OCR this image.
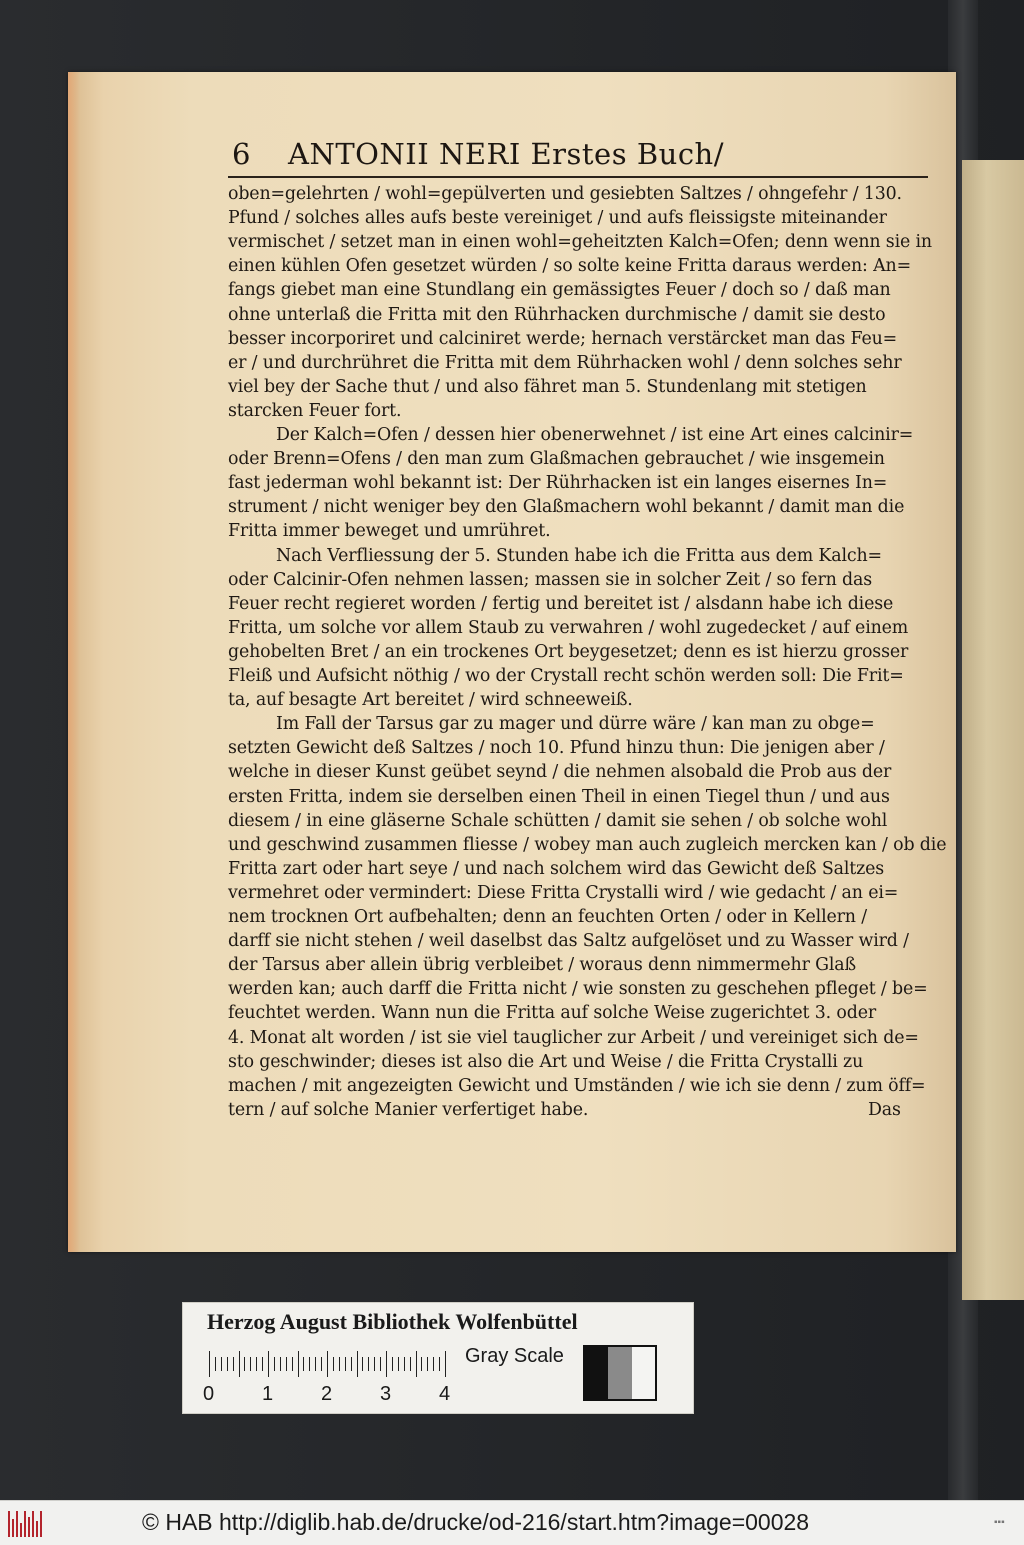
6 ANTONII NERI Erstes Buch/
oben=gelehrten / wohl=gepülverten und gesiebten Saltzes / ohngefehr / 130.
Pfund / solches alles aufs beste vereiniget / und aufs fleissigste miteinander
vermischet / setzet man in einen wohl=geheitzten Kalch=Ofen; denn wenn sie in
einen kühlen Ofen gesetzet würden / so solte keine Fritta daraus werden: An=
fangs giebet man eine Stundlang ein gemässigtes Feuer / doch so / daß man
ohne unterlaß die Fritta mit den Rührhacken durchmische / damit sie desto
besser incorporiret und calciniret werde; hernach verstärcket man das Feu=
er / und durchrühret die Fritta mit dem Rührhacken wohl / denn solches sehr
viel bey der Sache thut / und also fähret man 5. Stundenlang mit stetigen
starcken Feuer fort.
Der Kalch=Ofen / dessen hier obenerwehnet / ist eine Art eines calcinir=
oder Brenn=Ofens / den man zum Glaßmachen gebrauchet / wie insgemein
fast jederman wohl bekannt ist: Der Rührhacken ist ein langes eisernes In=
strument / nicht weniger bey den Glaßmachern wohl bekannt / damit man die
Fritta immer beweget und umrühret.
Nach Verfliessung der 5. Stunden habe ich die Fritta aus dem Kalch=
oder Calcinir-Ofen nehmen lassen; massen sie in solcher Zeit / so fern das
Feuer recht regieret worden / fertig und bereitet ist / alsdann habe ich diese
Fritta, um solche vor allem Staub zu verwahren / wohl zugedecket / auf einem
gehobelten Bret / an ein trockenes Ort beygesetzet; denn es ist hierzu grosser
Fleiß und Aufsicht nöthig / wo der Crystall recht schön werden soll: Die Frit=
ta, auf besagte Art bereitet / wird schneeweiß.
Im Fall der Tarsus gar zu mager und dürre wäre / kan man zu obge=
setzten Gewicht deß Saltzes / noch 10. Pfund hinzu thun: Die jenigen aber /
welche in dieser Kunst geübet seynd / die nehmen alsobald die Prob aus der
ersten Fritta, indem sie derselben einen Theil in einen Tiegel thun / und aus
diesem / in eine gläserne Schale schütten / damit sie sehen / ob solche wohl
und geschwind zusammen fliesse / wobey man auch zugleich mercken kan / ob die
Fritta zart oder hart seye / und nach solchem wird das Gewicht deß Saltzes
vermehret oder vermindert: Diese Fritta Crystalli wird / wie gedacht / an ei=
nem trocknen Ort aufbehalten; denn an feuchten Orten / oder in Kellern /
darff sie nicht stehen / weil daselbst das Saltz aufgelöset und zu Wasser wird /
der Tarsus aber allein übrig verbleibet / woraus denn nimmermehr Glaß
werden kan; auch darff die Fritta nicht / wie sonsten zu geschehen pfleget / be=
feuchtet werden. Wann nun die Fritta auf solche Weise zugerichtet 3. oder
4. Monat alt worden / ist sie viel tauglicher zur Arbeit / und vereiniget sich de=
sto geschwinder; dieses ist also die Art und Weise / die Fritta Crystalli zu
machen / mit angezeigten Gewicht und Umständen / wie ich sie denn / zum öff=
tern / auf solche Manier verfertiget habe.	Das
Herzog August Bibliothek Wolfenbüttel
Gray Scale
0 1 2 3 4
© HAB http://diglib.hab.de/drucke/od-216/start.htm?image=00028	▪▪▪
